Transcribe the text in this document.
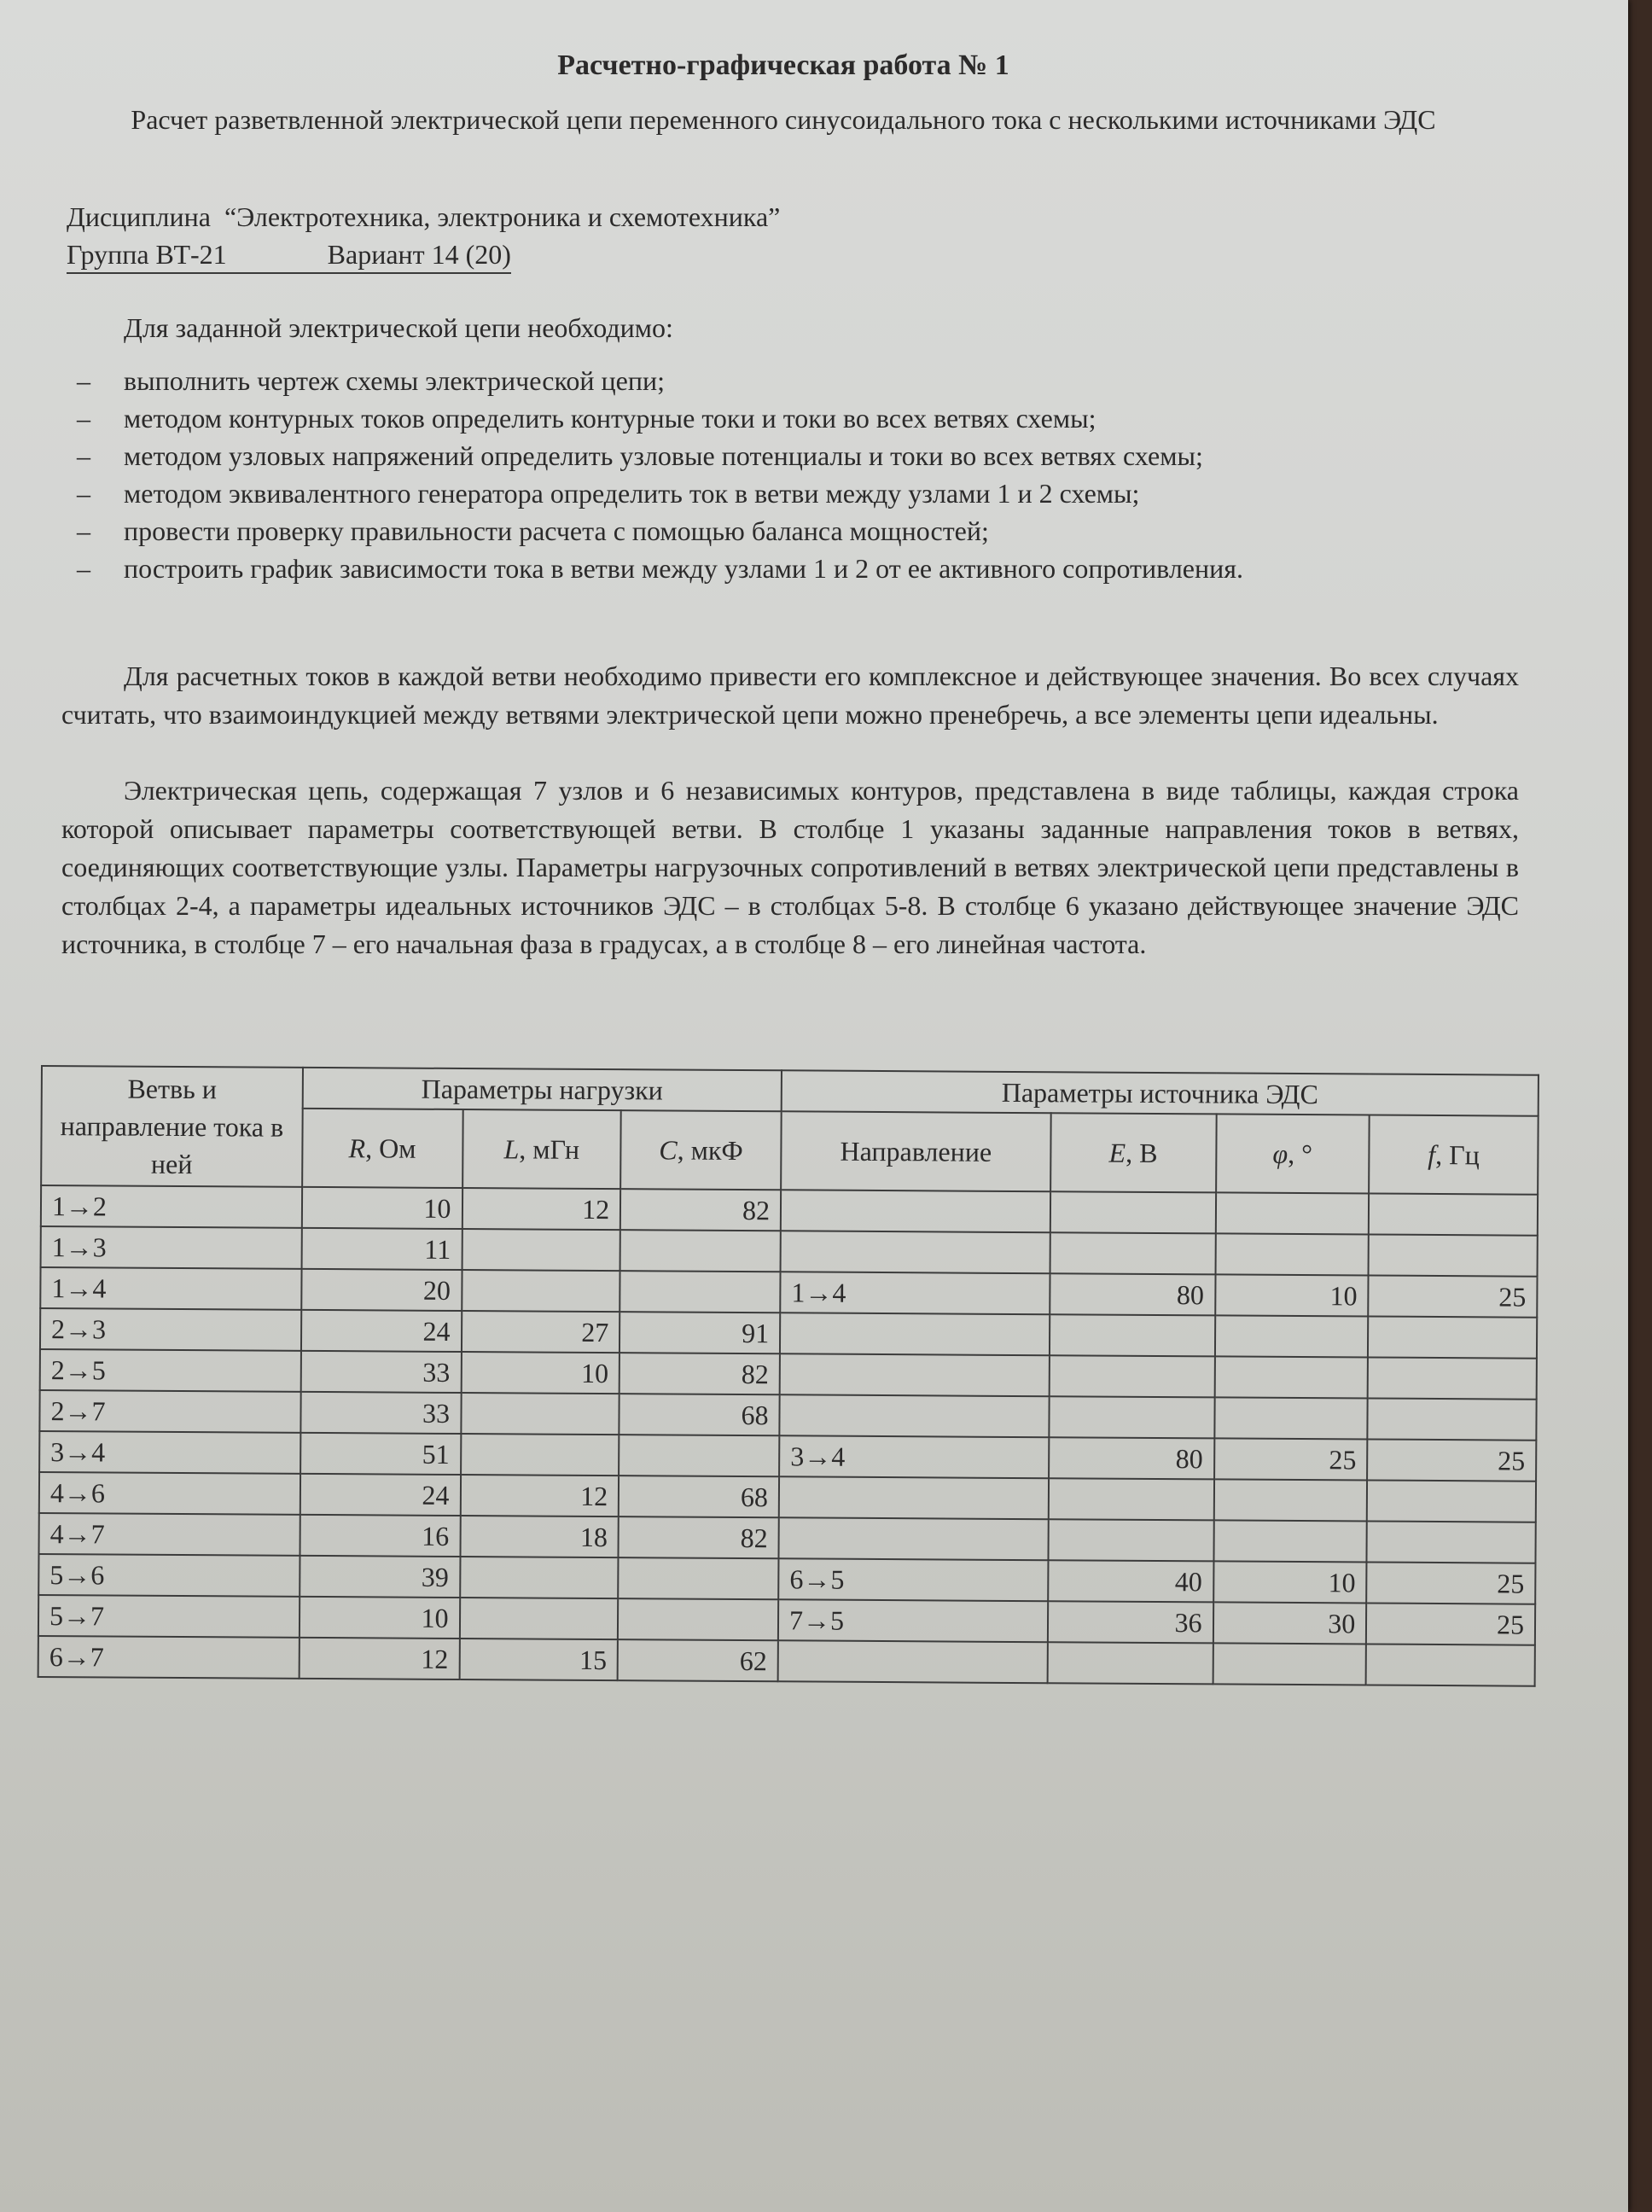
Расчетно-графическая работа № 1
Расчет разветвленной электрической цепи переменного синусоидального тока с несколькими источниками ЭДС
Дисциплина “Электротехника, электроника и схемотехника”
Группа ВТ-21	Вариант 14 (20)
Для заданной электрической цепи необходимо:
– выполнить чертеж схемы электрической цепи;
– методом контурных токов определить контурные токи и токи во всех ветвях схемы;
– методом узловых напряжений определить узловые потенциалы и токи во всех ветвях схемы;
– методом эквивалентного генератора определить ток в ветви между узлами 1 и 2 схемы;
– провести проверку правильности расчета с помощью баланса мощностей;
– построить график зависимости тока в ветви между узлами 1 и 2 от ее активного сопротивления.

Для расчетных токов в каждой ветви необходимо привести его комплексное и действующее значения. Во всех случаях считать, что взаимоиндукцией между ветвями электрической цепи можно пренебречь, а все элементы цепи идеальны.

Электрическая цепь, содержащая 7 узлов и 6 независимых контуров, представлена в виде таблицы, каждая строка которой описывает параметры соответствующей ветви. В столбце 1 указаны заданные направления токов в ветвях, соединяющих соответствующие узлы. Параметры нагрузочных сопротивлений в ветвях электрической цепи представлены в столбцах 2-4, а параметры идеальных источников ЭДС – в столбцах 5-8. В столбце 6 указано действующее значение ЭДС источника, в столбце 7 – его начальная фаза в градусах, а в столбце 8 – его линейная частота.

Ветвь и направление тока в ней	Параметры нагрузки			Параметры источника ЭДС			
	R, Ом	L, мГн	C, мкФ	Направление	E, В	φ, °	f, Гц
1→2	10	12	82				
1→3	11						
1→4	20			1→4	80	10	25
2→3	24	27	91				
2→5	33	10	82				
2→7	33		68				
3→4	51			3→4	80	25	25
4→6	24	12	68				
4→7	16	18	82				
5→6	39			6→5	40	10	25
5→7	10			7→5	36	30	25
6→7	12	15	62				
